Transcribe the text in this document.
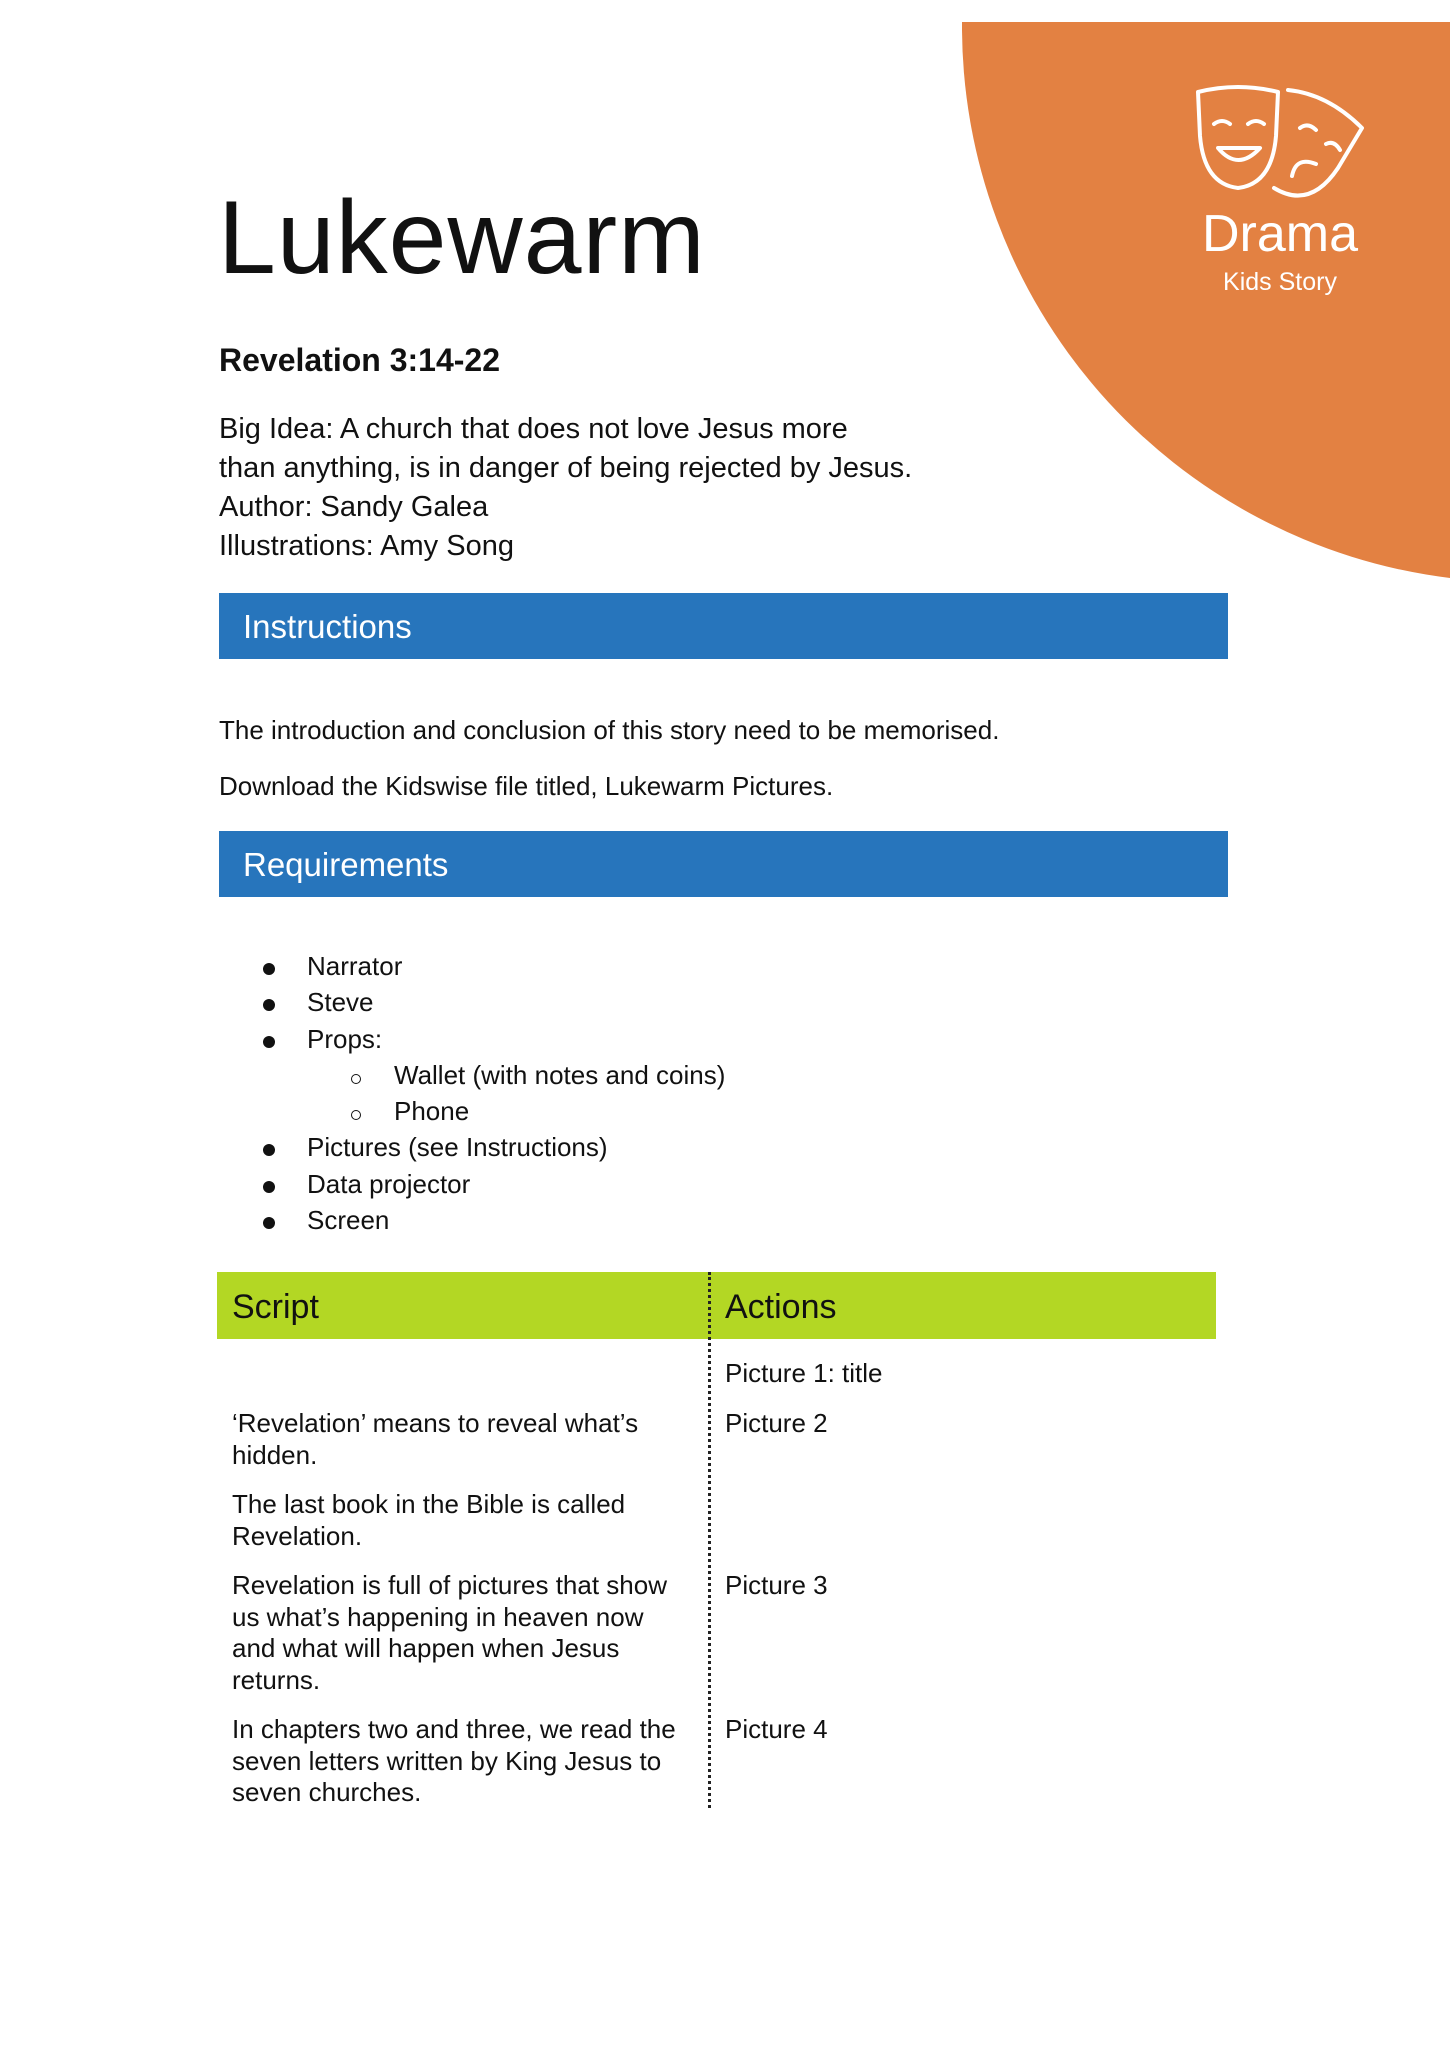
Drama
Kids Story
Lukewarm
Revelation 3:14-22
Big Idea: A church that does not love Jesus more
than anything, is in danger of being rejected by Jesus.
Author: Sandy Galea
Illustrations: Amy Song
Instructions
The introduction and conclusion of this story need to be memorised.
Download the Kidswise file titled, Lukewarm Pictures.
Requirements
Narrator
Steve
Props:
Wallet (with notes and coins)
Phone
Pictures (see Instructions)
Data projector
Screen
Script	Actions
Picture 1: title
‘Revelation’ means to reveal what’s hidden.
Picture 2
The last book in the Bible is called Revelation.
Revelation is full of pictures that show us what’s happening in heaven now and what will happen when Jesus returns.
Picture 3
In chapters two and three, we read the seven letters written by King Jesus to seven churches.
Picture 4
